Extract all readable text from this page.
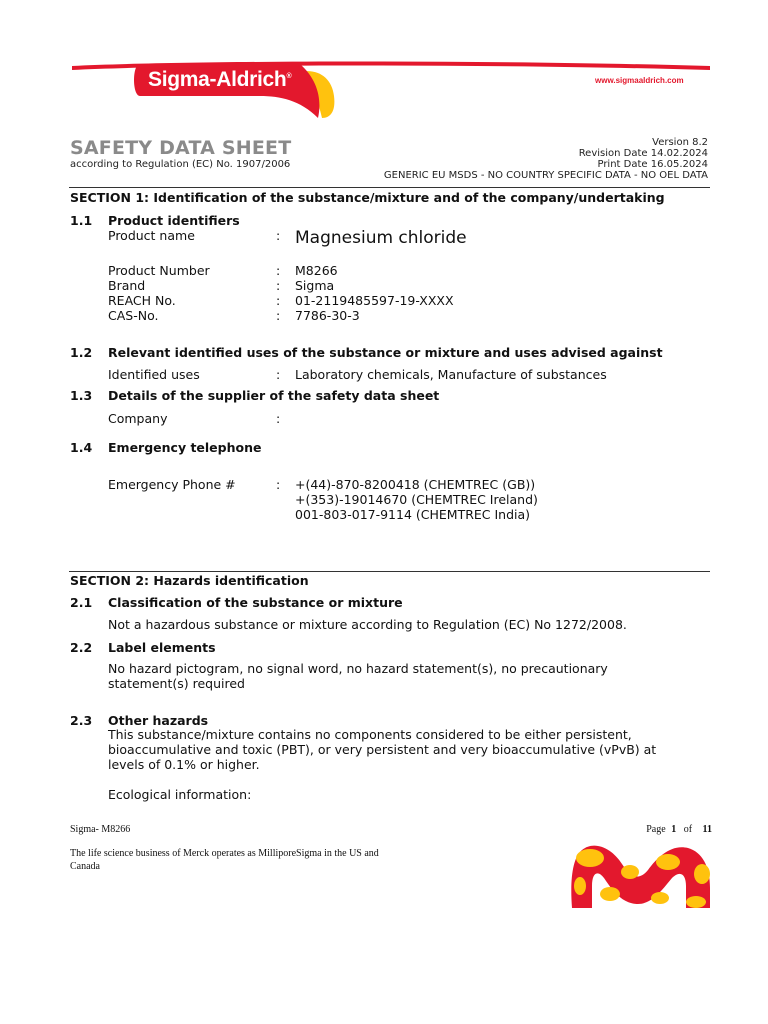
Sigma-Aldrich®	www.sigmaaldrich.com
SAFETY DATA SHEET
according to Regulation (EC) No. 1907/2006
Version 8.2
Revision Date 14.02.2024
Print Date 16.05.2024
GENERIC EU MSDS - NO COUNTRY SPECIFIC DATA - NO OEL DATA
SECTION 1: Identification of the substance/mixture and of the company/undertaking
1.1 Product identifiers
Product name	: Magnesium chloride
Product Number	: M8266
Brand	: Sigma
REACH No.	: 01-2119485597-19-XXXX
CAS-No.	: 7786-30-3
1.2 Relevant identified uses of the substance or mixture and uses advised against
Identified uses	: Laboratory chemicals, Manufacture of substances
1.3 Details of the supplier of the safety data sheet
Company	:
1.4 Emergency telephone
Emergency Phone #	: +(44)-870-8200418 (CHEMTREC (GB))
+(353)-19014670 (CHEMTREC Ireland)
001-803-017-9114 (CHEMTREC India)
SECTION 2: Hazards identification
2.1 Classification of the substance or mixture
Not a hazardous substance or mixture according to Regulation (EC) No 1272/2008.
2.2 Label elements
No hazard pictogram, no signal word, no hazard statement(s), no precautionary
statement(s) required
2.3 Other hazards
This substance/mixture contains no components considered to be either persistent,
bioaccumulative and toxic (PBT), or very persistent and very bioaccumulative (vPvB) at
levels of 0.1% or higher.
Ecological information:
Sigma- M8266	Page 1 of 11
The life science business of Merck operates as MilliporeSigma in the US and
Canada
